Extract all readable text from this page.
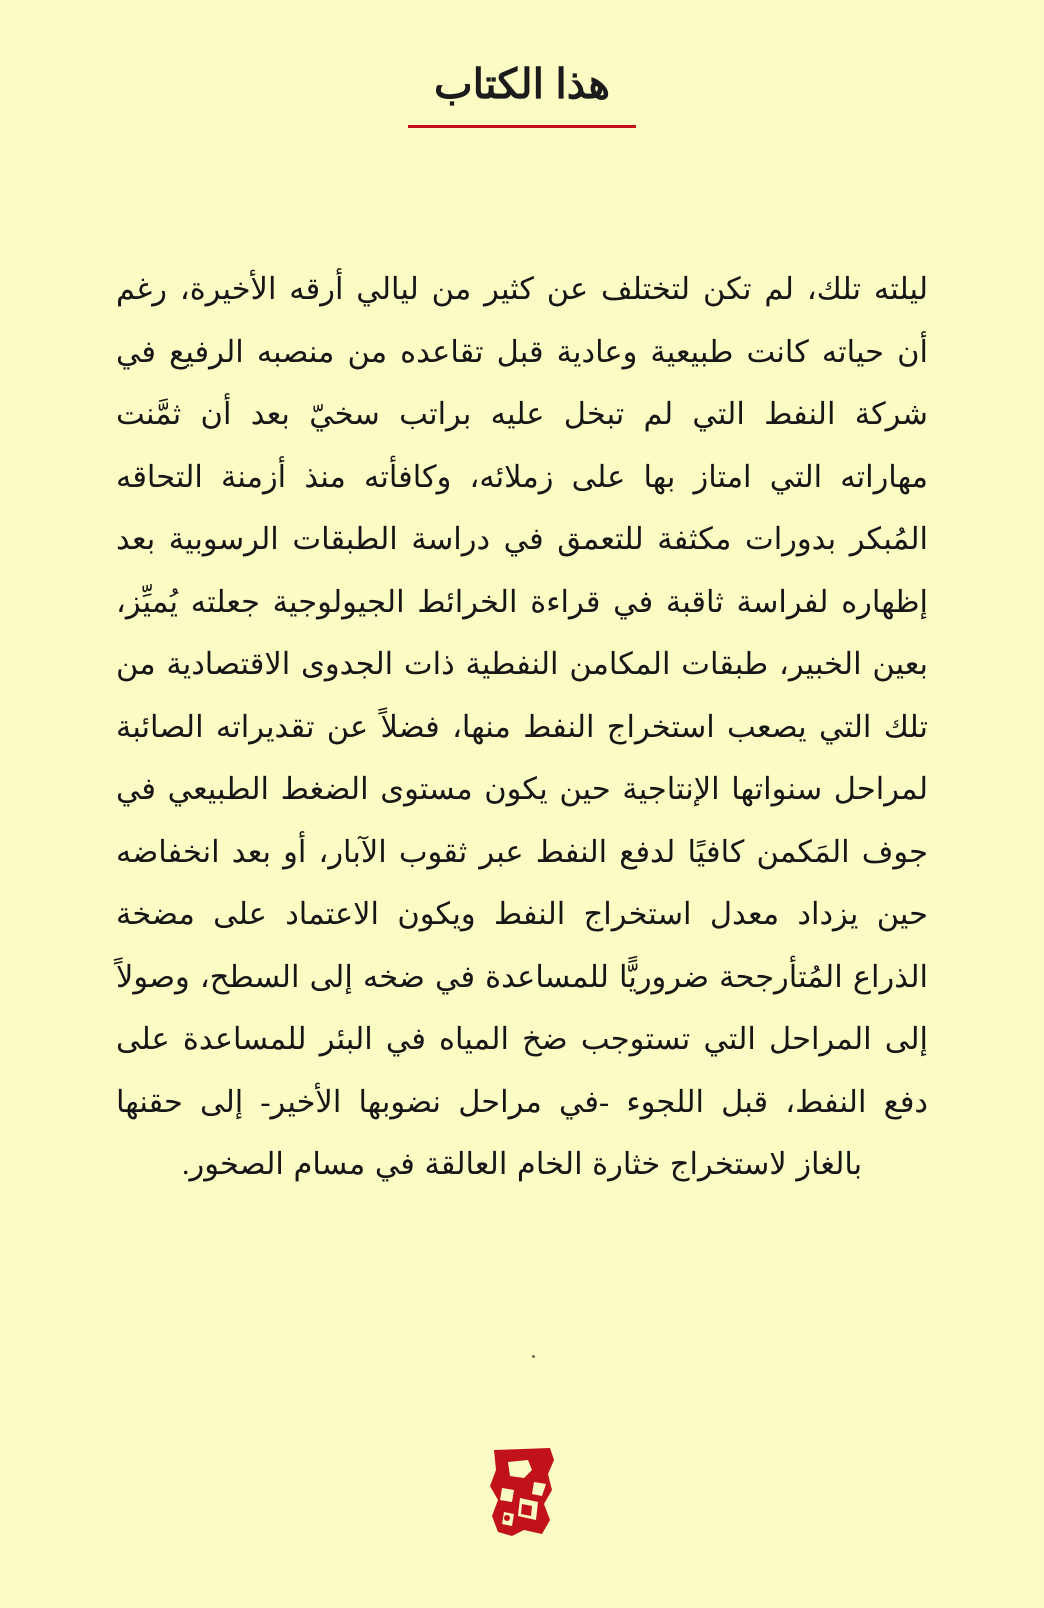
هذا الكتاب

ليلته تلك، لم تكن لتختلف عن كثير من ليالي أرقه الأخيرة، رغم أن حياته كانت طبيعية وعادية قبل تقاعده من منصبه الرفيع في شركة النفط التي لم تبخل عليه براتب سخيّ بعد أن ثمَّنت مهاراته التي امتاز بها على زملائه، وكافأته منذ أزمنة التحاقه المُبكر بدورات مكثفة للتعمق في دراسة الطبقات الرسوبية بعد إظهاره لفراسة ثاقبة في قراءة الخرائط الجيولوجية جعلته يُميِّز، بعين الخبير، طبقات المكامن النفطية ذات الجدوى الاقتصادية من تلك التي يصعب استخراج النفط منها، فضلاً عن تقديراته الصائبة لمراحل سنواتها الإنتاجية حين يكون مستوى الضغط الطبيعي في جوف المَكمن كافيًا لدفع النفط عبر ثقوب الآبار، أو بعد انخفاضه حين يزداد معدل استخراج النفط ويكون الاعتماد على مضخة الذراع المُتأرجحة ضروريًّا للمساعدة في ضخه إلى السطح، وصولاً إلى المراحل التي تستوجب ضخ المياه في البئر للمساعدة على دفع النفط، قبل اللجوء -في مراحل نضوبها الأخير- إلى حقنها بالغاز لاستخراج خثارة الخام العالقة في مسام الصخور.
